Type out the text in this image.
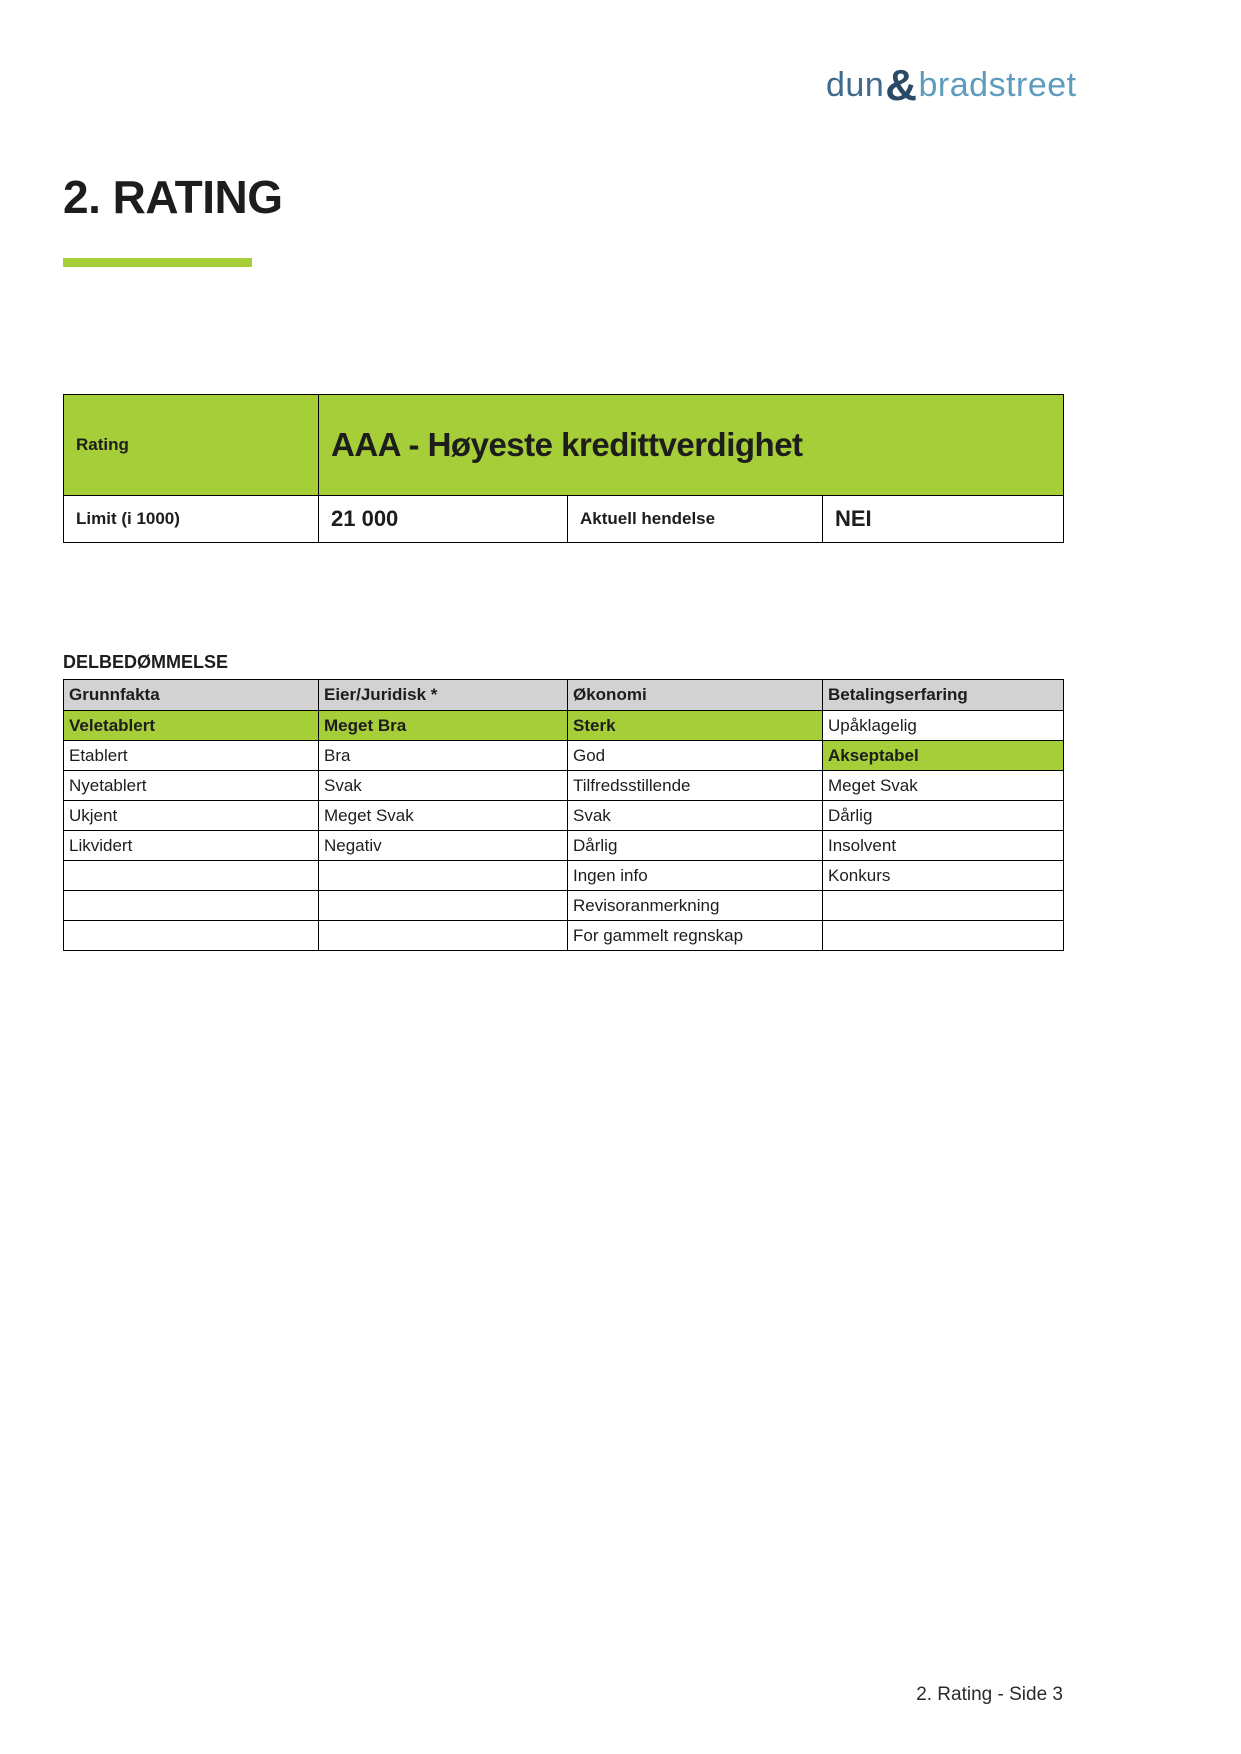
dun & bradstreet
2. RATING
Rating	AAA - Høyeste kredittverdighet		
Limit (i 1000)	21 000	Aktuell hendelse	NEI
DELBEDØMMELSE
Grunnfakta	Eier/Juridisk *	Økonomi	Betalingserfaring
Veletablert	Meget Bra	Sterk	Upåklagelig
Etablert	Bra	God	Akseptabel
Nyetablert	Svak	Tilfredsstillende	Meget Svak
Ukjent	Meget Svak	Svak	Dårlig
Likvidert	Negativ	Dårlig	Insolvent
		Ingen info	Konkurs
		Revisoranmerkning	
		For gammelt regnskap	
2. Rating - Side 3
